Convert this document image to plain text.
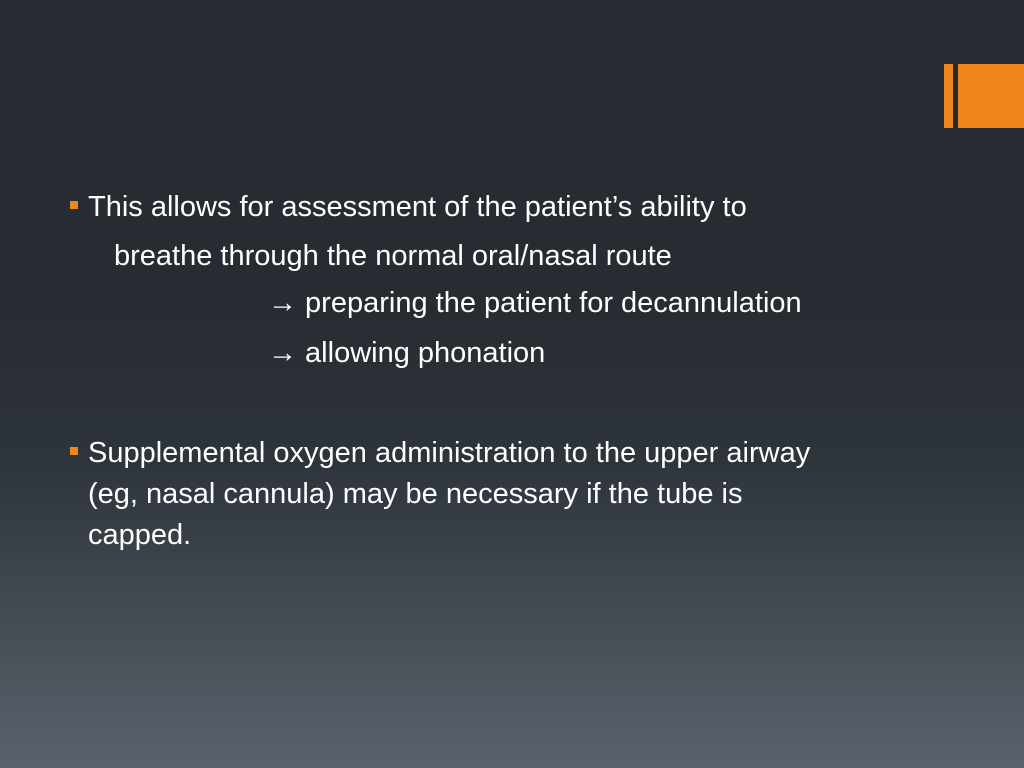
This allows for assessment of the patient’s ability to
breathe through the normal oral/nasal route
→ preparing the patient for decannulation
→ allowing phonation
Supplemental oxygen administration to the upper airway
(eg, nasal cannula) may be necessary if the tube is
capped.
